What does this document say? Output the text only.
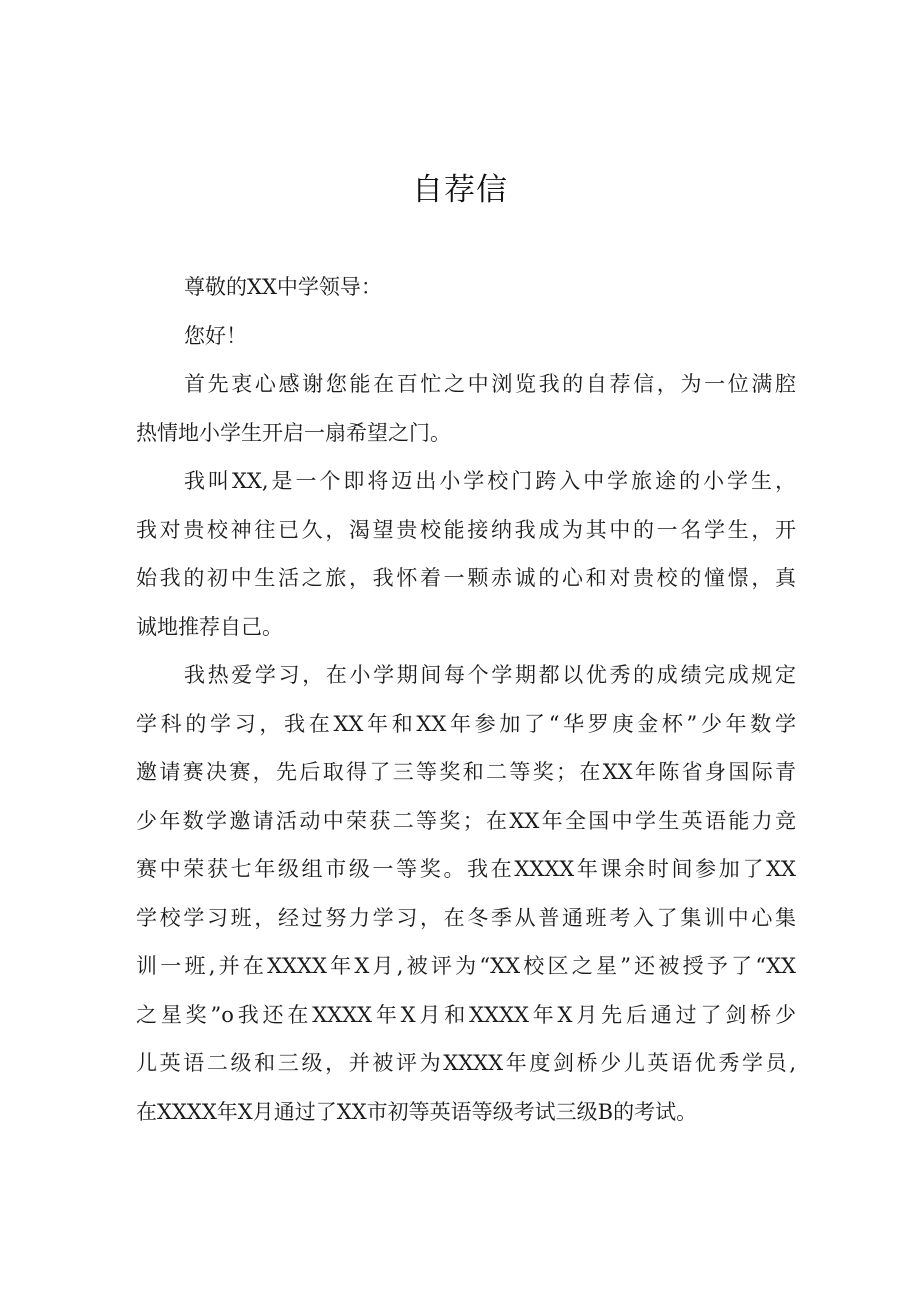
自荐信
尊敬的XX中学领导：
您好！
首先衷心感谢您能在百忙之中浏览我的自荐信，为一位满腔
热情地小学生开启一扇希望之门。
我叫XX,是一个即将迈出小学校门跨入中学旅途的小学生，
我对贵校神往已久，渴望贵校能接纳我成为其中的一名学生，开
始我的初中生活之旅，我怀着一颗赤诚的心和对贵校的憧憬，真
诚地推荐自己。
我热爱学习，在小学期间每个学期都以优秀的成绩完成规定
学科的学习，我在XX年和XX年参加了“华罗庚金杯”少年数学
邀请赛决赛，先后取得了三等奖和二等奖；在XX年陈省身国际青
少年数学邀请活动中荣获二等奖；在XX年全国中学生英语能力竞
赛中荣获七年级组市级一等奖。我在XXXX年课余时间参加了XX
学校学习班，经过努力学习，在冬季从普通班考入了集训中心集
训一班,并在XXXX年X月,被评为“XX校区之星”还被授予了“XX
之星奖”o我还在XXXX年X月和XXXX年X月先后通过了剑桥少
儿英语二级和三级，并被评为XXXX年度剑桥少儿英语优秀学员,
在XXXX年X月通过了XX市初等英语等级考试三级B的考试。
